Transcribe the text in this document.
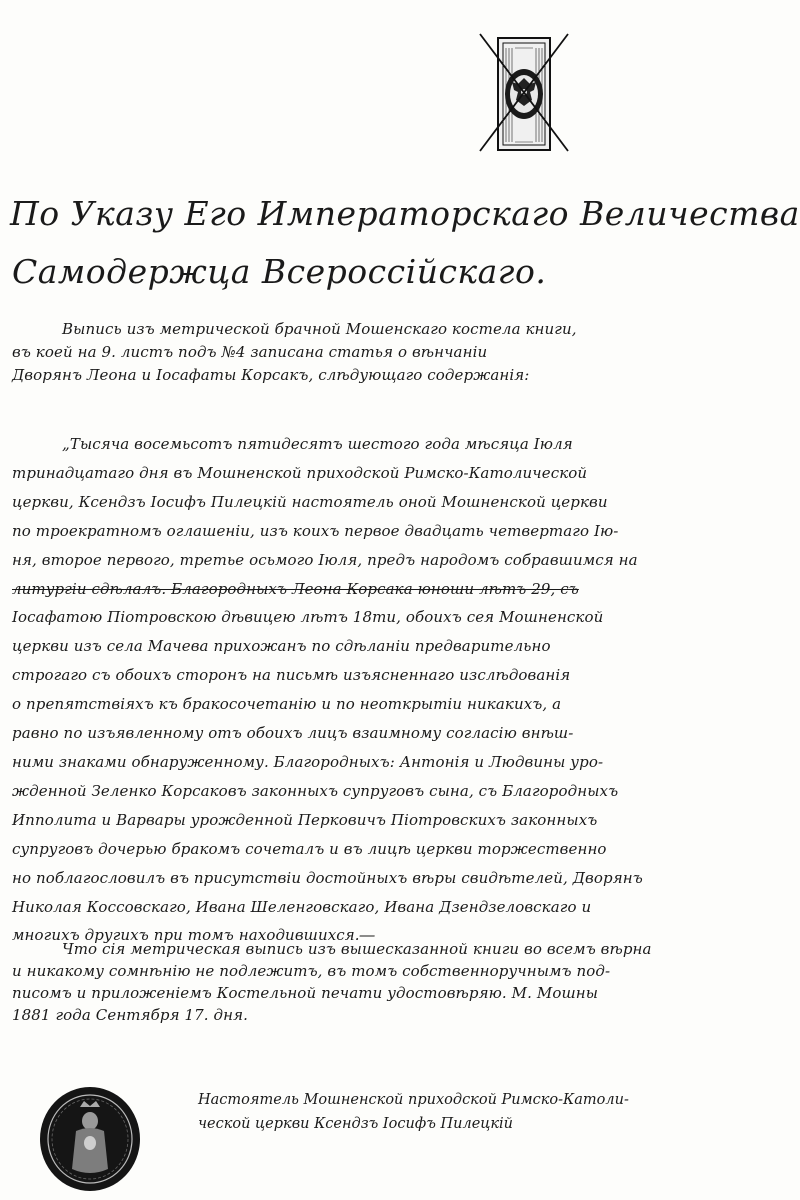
По Указу Его Императорскаго Величества
Самодержца Всероссійскаго.
Выпись изъ метрической брачной Мошенскаго костела книги,
въ коей на 9. листъ подъ №4 записана статья о вѣнчаніи
Дворянъ Леона и Іосафаты Корсакъ, слѣдующаго содержанія:
„Тысяча восемьсотъ пятидесятъ шестого года мѣсяца Іюля
тринадцатаго дня въ Мошненской приходской Римско-Католической
церкви, Ксендзъ Іосифъ Пилецкій настоятель оной Мошненской церкви
по троекратномъ оглашеніи, изъ коихъ первое двадцать четвертаго Ію-
ня, второе первого, третье осьмого Іюля, предъ народомъ собравшимся на
литургіи сдѣлалъ. Благородныхъ Леона Корсака юноши лѣтъ 29, съ
Іосафатою Піотровскою дѣвицею лѣтъ 18ти, обоихъ сея Мошненской
церкви изъ села Мачева прихожанъ по сдѣланіи предварительно
строгаго съ обоихъ сторонъ на письмѣ изъясненнаго изслѣдованія
о препятствіяхъ къ бракосочетанію и по неоткрытіи никакихъ, а
равно по изъявленному отъ обоихъ лицъ взаимному согласію внѣш-
ними знаками обнаруженному. Благородныхъ: Антонія и Людвины уро-
жденной Зеленко Корсаковъ законныхъ супруговъ сына, съ Благородныхъ
Ипполита и Варвары урожденной Перковичъ Піотровскихъ законныхъ
супруговъ дочерью бракомъ сочеталъ и въ лицѣ церкви торжественно
но поблагословилъ въ присутствіи достойныхъ вѣры свидѣтелей, Дворянъ
Николая Коссовскаго, Ивана Шеленговскаго, Ивана Дзендзеловскаго и
многихъ другихъ при томъ находившихся.―
Что сія метрическая выпись изъ вышесказанной книги во всемъ вѣрна
и никакому сомнѣнію не подлежитъ, въ томъ собственноручнымъ под-
писомъ и приложеніемъ Костельной печати удостовѣряю. М. Мошны
1881 года Сентября 17. дня.
Настоятель Мошненской приходской Римско-Католи-
ческой церкви Ксендзъ Іосифъ Пилецкій
